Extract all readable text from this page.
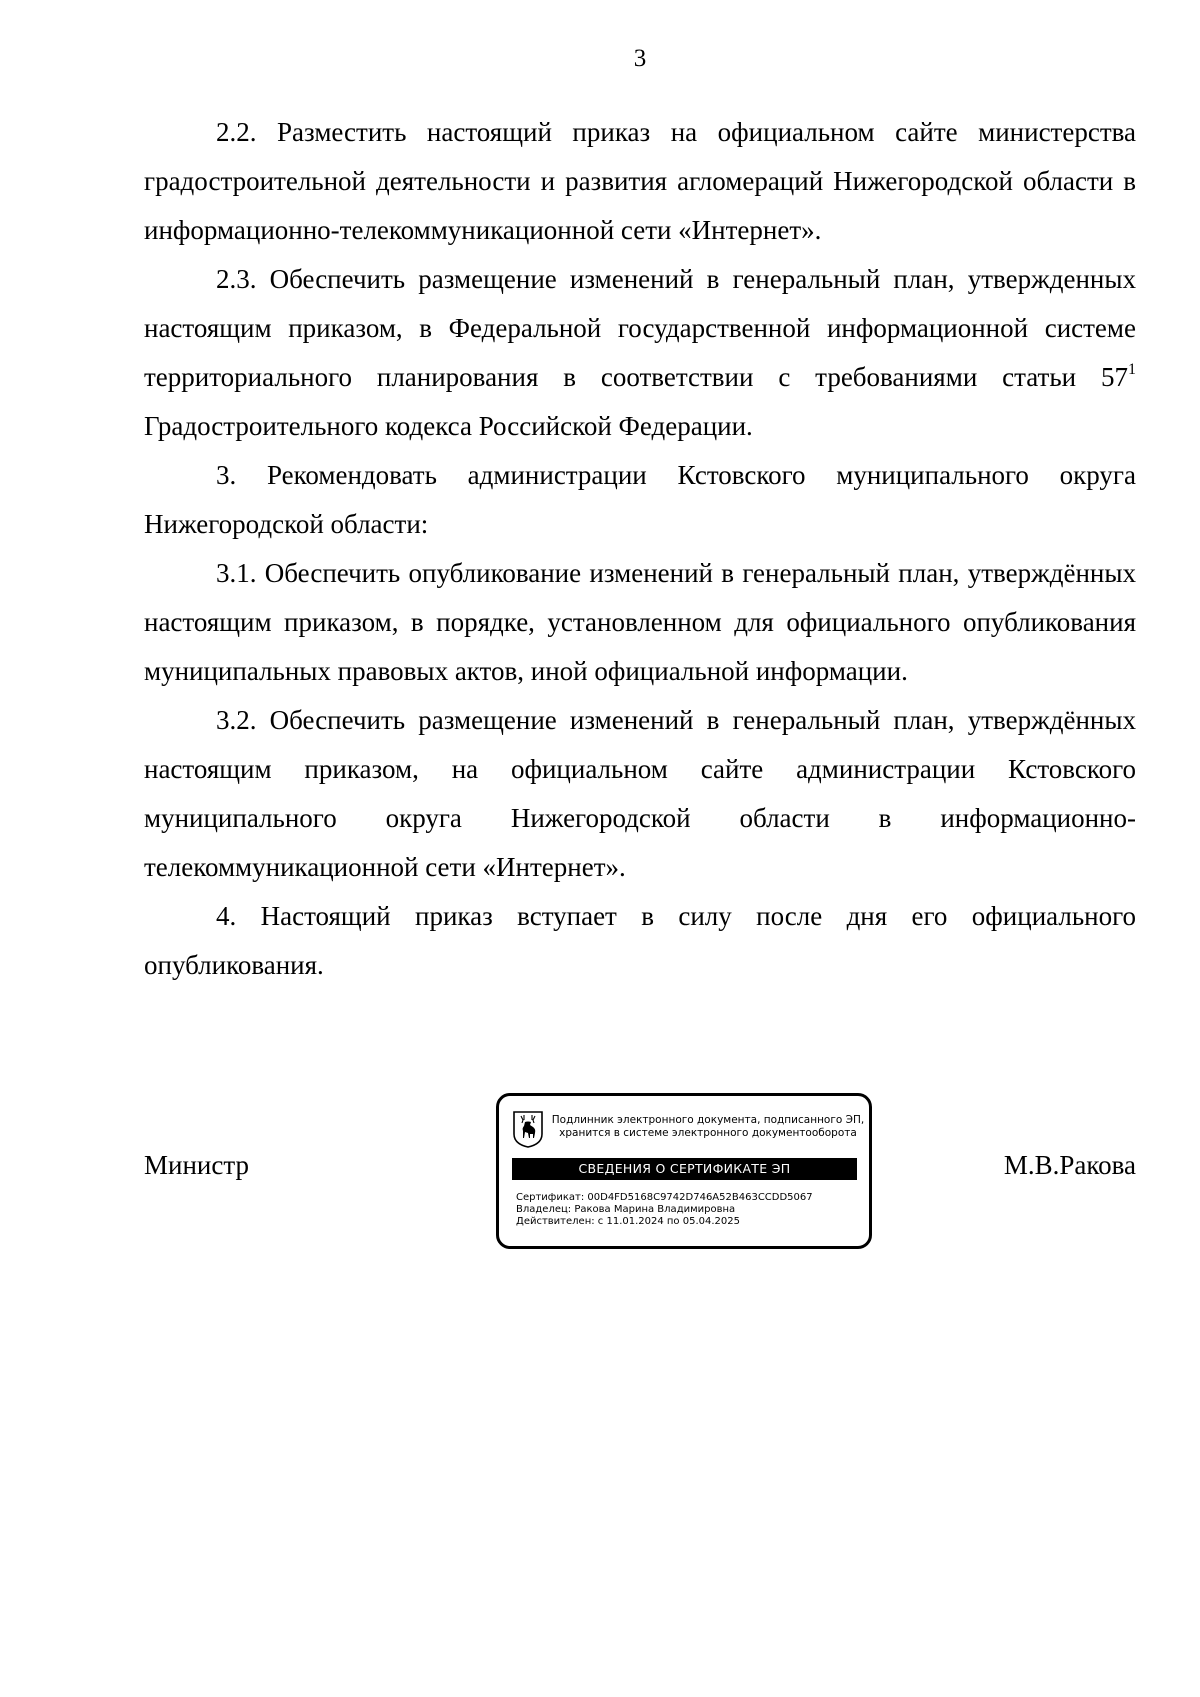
3

2.2. Разместить настоящий приказ на официальном сайте министерства градостроительной деятельности и развития агломераций Нижегородской области в информационно-телекоммуникационной сети «Интернет».

2.3. Обеспечить размещение изменений в генеральный план, утвержденных настоящим приказом, в Федеральной государственной информационной системе территориального планирования в соответствии с требованиями статьи $57^1$ Градостроительного кодекса Российской Федерации.

3. Рекомендовать администрации Кстовского муниципального округа Нижегородской области:

3.1. Обеспечить опубликование изменений в генеральный план, утверждённых настоящим приказом, в порядке, установленном для официального опубликования муниципальных правовых актов, иной официальной информации.

3.2. Обеспечить размещение изменений в генеральный план, утверждённых настоящим приказом, на официальном сайте администрации Кстовского муниципального округа Нижегородской области в информационно-телекоммуникационной сети «Интернет».

4. Настоящий приказ вступает в силу после дня его официального опубликования.

Министр
Подлинник электронного документа, подписанного ЭП,
хранится в системе электронного документооборота
СВЕДЕНИЯ О СЕРТИФИКАТЕ ЭП
Сертификат: 00D4FD5168C9742D746A52B463CCDD5067
Владелец: Ракова Марина Владимировна
Действителен: с 11.01.2024 по 05.04.2025
М.В.Ракова
